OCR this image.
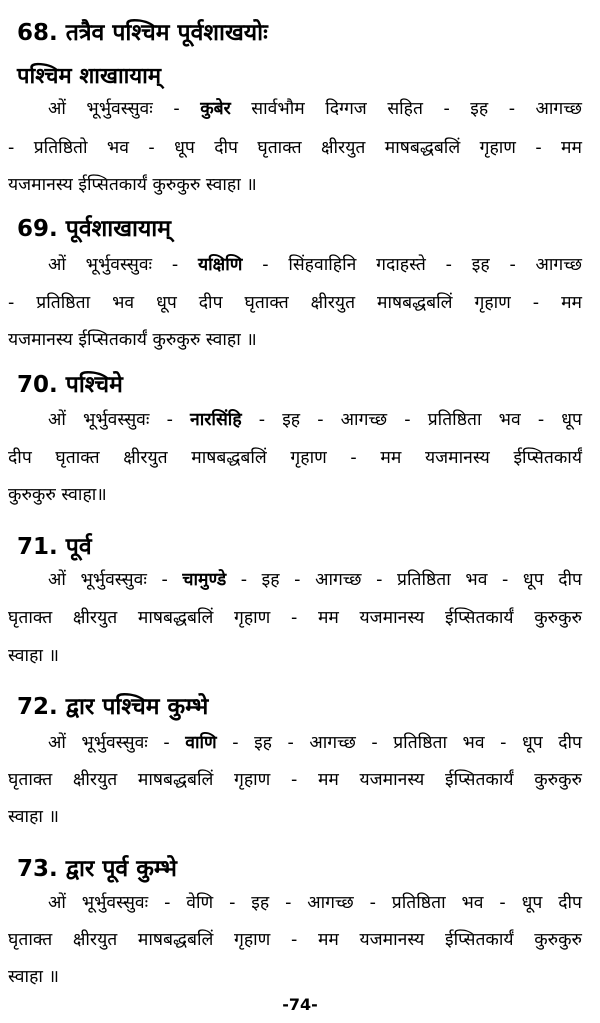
68. तत्रैव पश्चिम पूर्वशाखयोः
पश्चिम शाखाायाम्
ओं भूर्भुवस्सुवः - कुबेर सार्वभौम दिग्गज सहित - इह - आगच्छ
- प्रतिष्ठितो भव - धूप दीप घृताक्त क्षीरयुत माषबद्धबलिं गृहाण - मम
यजमानस्य ईप्सितकार्यं कुरुकुरु स्वाहा ॥
69. पूर्वशाखायाम्
ओं भूर्भुवस्सुवः - यक्षिणि - सिंहवाहिनि गदाहस्ते - इह - आगच्छ
- प्रतिष्ठिता भव धूप दीप घृताक्त क्षीरयुत माषबद्धबलिं गृहाण - मम
यजमानस्य ईप्सितकार्यं कुरुकुरु स्वाहा ॥
70. पश्चिमे
ओं भूर्भुवस्सुवः - नारसिंहि - इह - आगच्छ - प्रतिष्ठिता भव - धूप
दीप घृताक्त क्षीरयुत माषबद्धबलिं गृहाण - मम यजमानस्य ईप्सितकार्यं
कुरुकुरु स्वाहा॥
71. पूर्व
ओं भूर्भुवस्सुवः - चामुण्डे - इह - आगच्छ - प्रतिष्ठिता भव - धूप दीप
घृताक्त क्षीरयुत माषबद्धबलिं गृहाण - मम यजमानस्य ईप्सितकार्यं कुरुकुरु
स्वाहा ॥
72. द्वार पश्चिम कुम्भे
ओं भूर्भुवस्सुवः - वाणि - इह - आगच्छ - प्रतिष्ठिता भव - धूप दीप
घृताक्त क्षीरयुत माषबद्धबलिं गृहाण - मम यजमानस्य ईप्सितकार्यं कुरुकुरु
स्वाहा ॥
73. द्वार पूर्व कुम्भे
ओं भूर्भुवस्सुवः - वेणि - इह - आगच्छ - प्रतिष्ठिता भव - धूप दीप
घृताक्त क्षीरयुत माषबद्धबलिं गृहाण - मम यजमानस्य ईप्सितकार्यं कुरुकुरु
स्वाहा ॥
-74-
